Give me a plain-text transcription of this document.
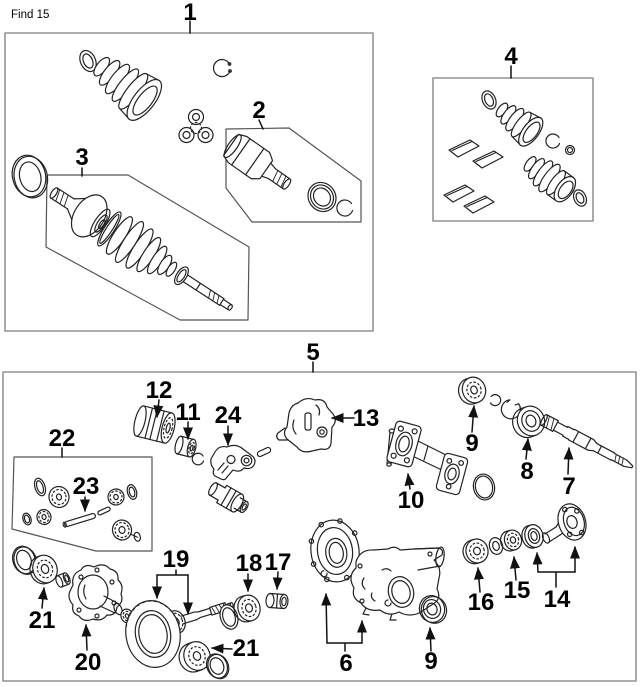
Find 15	1
2
3
4
5
12
11 24	13
22
23
10
9
8
7
21
20
19 18 17
21
6	9
16 15 14
